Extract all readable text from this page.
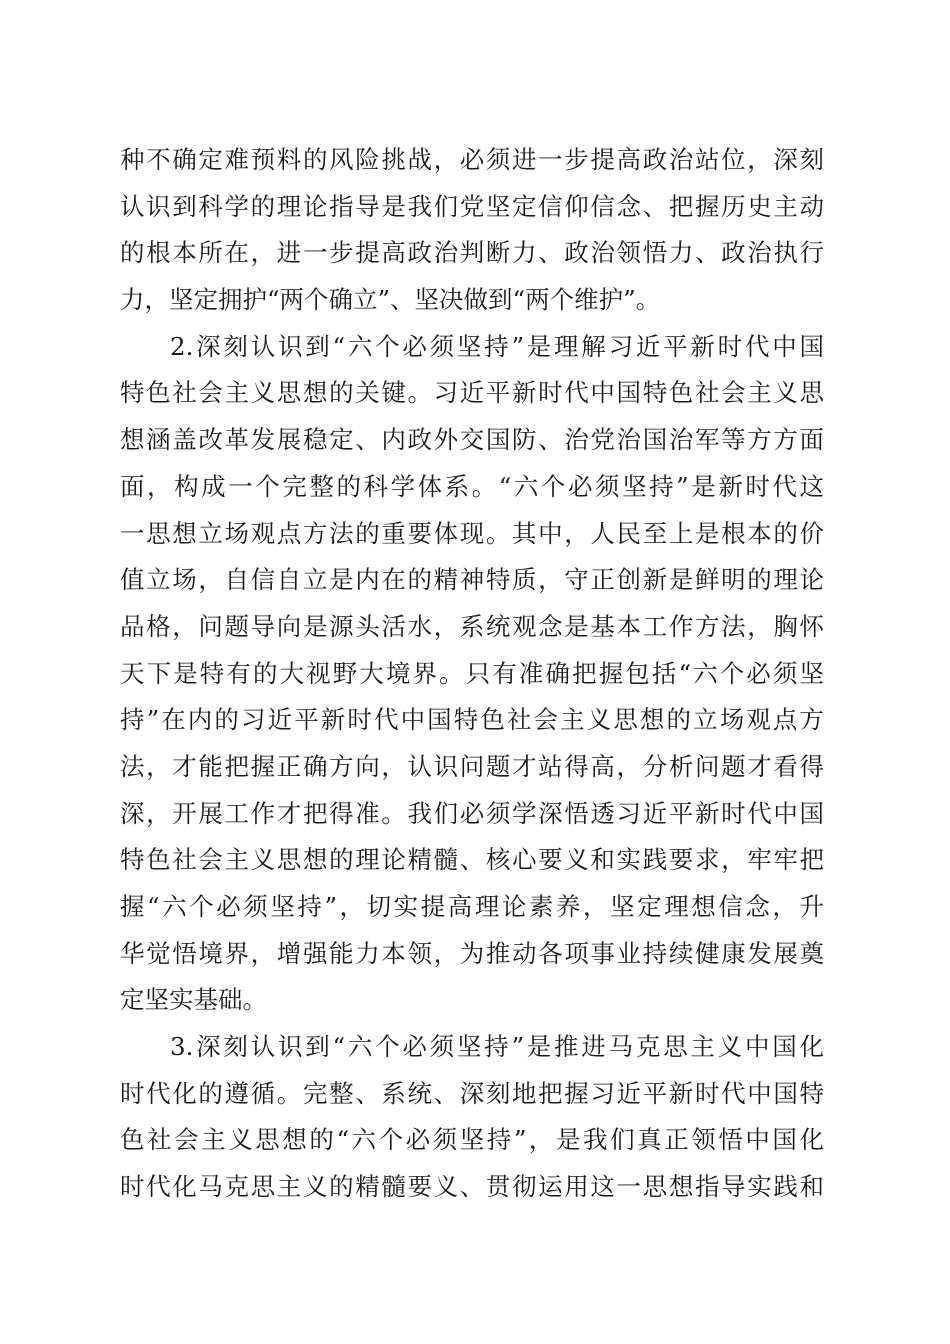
种不确定难预料的风险挑战，必须进一步提高政治站位，深刻
认识到科学的理论指导是我们党坚定信仰信念、把握历史主动
的根本所在，进一步提高政治判断力、政治领悟力、政治执行
力，坚定拥护“两个确立”、坚决做到“两个维护”。
2.深刻认识到“六个必须坚持”是理解习近平新时代中国
特色社会主义思想的关键。习近平新时代中国特色社会主义思
想涵盖改革发展稳定、内政外交国防、治党治国治军等方方面
面，构成一个完整的科学体系。“六个必须坚持”是新时代这
一思想立场观点方法的重要体现。其中，人民至上是根本的价
值立场，自信自立是内在的精神特质，守正创新是鲜明的理论
品格，问题导向是源头活水，系统观念是基本工作方法，胸怀
天下是特有的大视野大境界。只有准确把握包括“六个必须坚
持”在内的习近平新时代中国特色社会主义思想的立场观点方
法，才能把握正确方向，认识问题才站得高，分析问题才看得
深，开展工作才把得准。我们必须学深悟透习近平新时代中国
特色社会主义思想的理论精髓、核心要义和实践要求，牢牢把
握“六个必须坚持”，切实提高理论素养，坚定理想信念，升
华觉悟境界，增强能力本领，为推动各项事业持续健康发展奠
定坚实基础。
3.深刻认识到“六个必须坚持”是推进马克思主义中国化
时代化的遵循。完整、系统、深刻地把握习近平新时代中国特
色社会主义思想的“六个必须坚持”，是我们真正领悟中国化
时代化马克思主义的精髓要义、贯彻运用这一思想指导实践和
